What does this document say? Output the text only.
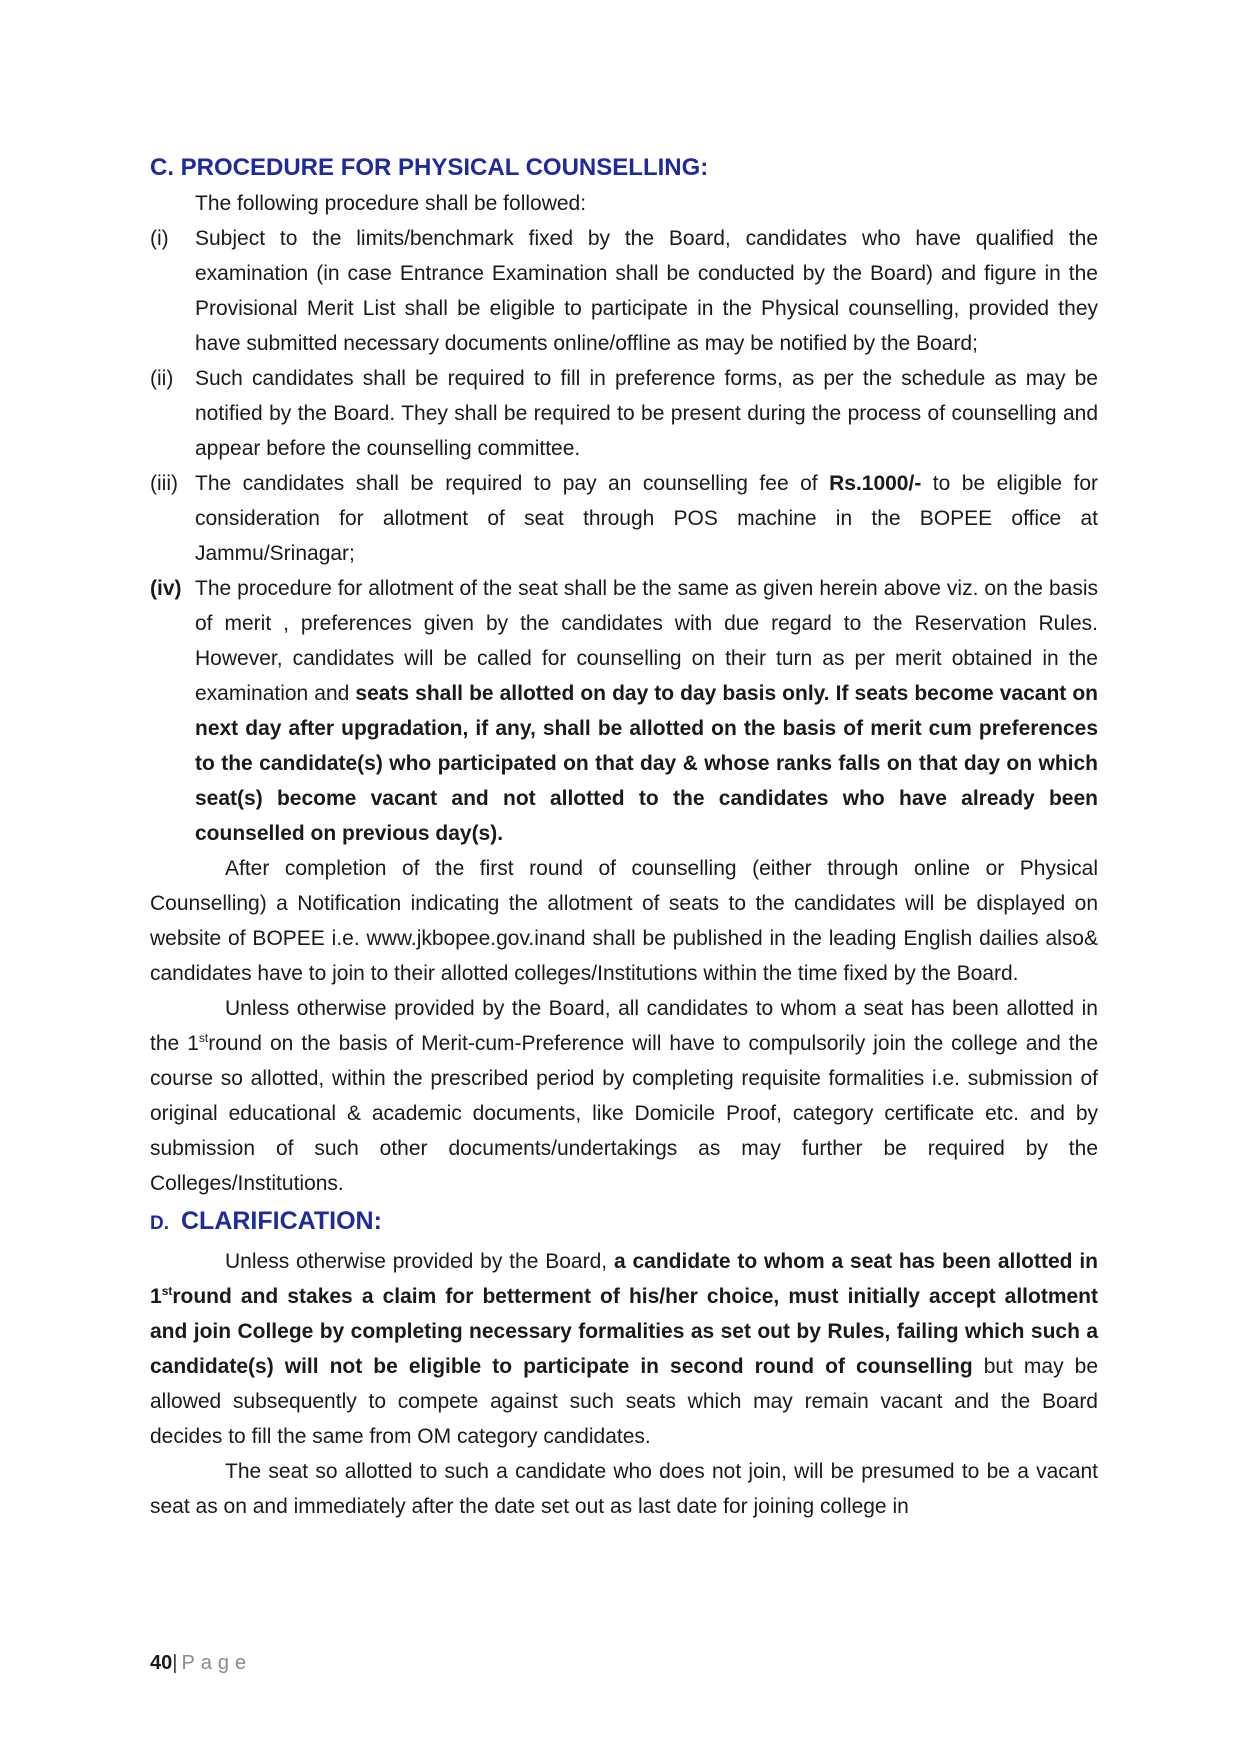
C. PROCEDURE FOR PHYSICAL COUNSELLING:

The following procedure shall be followed:

(i)	Subject to the limits/benchmark fixed by the Board, candidates who have qualified the examination (in case Entrance Examination shall be conducted by the Board) and figure in the Provisional Merit List shall be eligible to participate in the Physical counselling, provided they have submitted necessary documents online/offline as may be notified by the Board;
(ii)	Such candidates shall be required to fill in preference forms, as per the schedule as may be notified by the Board. They shall be required to be present during the process of counselling and appear before the counselling committee.
(iii) The candidates shall be required to pay an counselling fee of Rs.1000/- to be eligible for consideration for allotment of seat through POS machine in the BOPEE office at Jammu/Srinagar;
(iv) The procedure for allotment of the seat shall be the same as given herein above viz. on the basis of merit , preferences given by the candidates with due regard to the Reservation Rules. However, candidates will be called for counselling on their turn as per merit obtained in the examination and seats shall be allotted on day to day basis only. If seats become vacant on next day after upgradation, if any, shall be allotted on the basis of merit cum preferences to the candidate(s) who participated on that day & whose ranks falls on that day on which seat(s) become vacant and not allotted to the candidates who have already been counselled on previous day(s).

After completion of the first round of counselling (either through online or Physical Counselling) a Notification indicating the allotment of seats to the candidates will be displayed on website of BOPEE i.e. www.jkbopee.gov.inand shall be published in the leading English dailies also& candidates have to join to their allotted colleges/Institutions within the time fixed by the Board.

Unless otherwise provided by the Board, all candidates to whom a seat has been allotted in the 1stround on the basis of Merit-cum-Preference will have to compulsorily join the college and the course so allotted, within the prescribed period by completing requisite formalities i.e. submission of original educational & academic documents, like Domicile Proof, category certificate etc. and by submission of such other documents/undertakings as may further be required by the Colleges/Institutions.

D. CLARIFICATION:

Unless otherwise provided by the Board, a candidate to whom a seat has been allotted in 1stround and stakes a claim for betterment of his/her choice, must initially accept allotment and join College by completing necessary formalities as set out by Rules, failing which such a candidate(s) will not be eligible to participate in second round of counselling but may be allowed subsequently to compete against such seats which may remain vacant and the Board decides to fill the same from OM category candidates.

The seat so allotted to such a candidate who does not join, will be presumed to be a vacant seat as on and immediately after the date set out as last date for joining college in

40| Page
